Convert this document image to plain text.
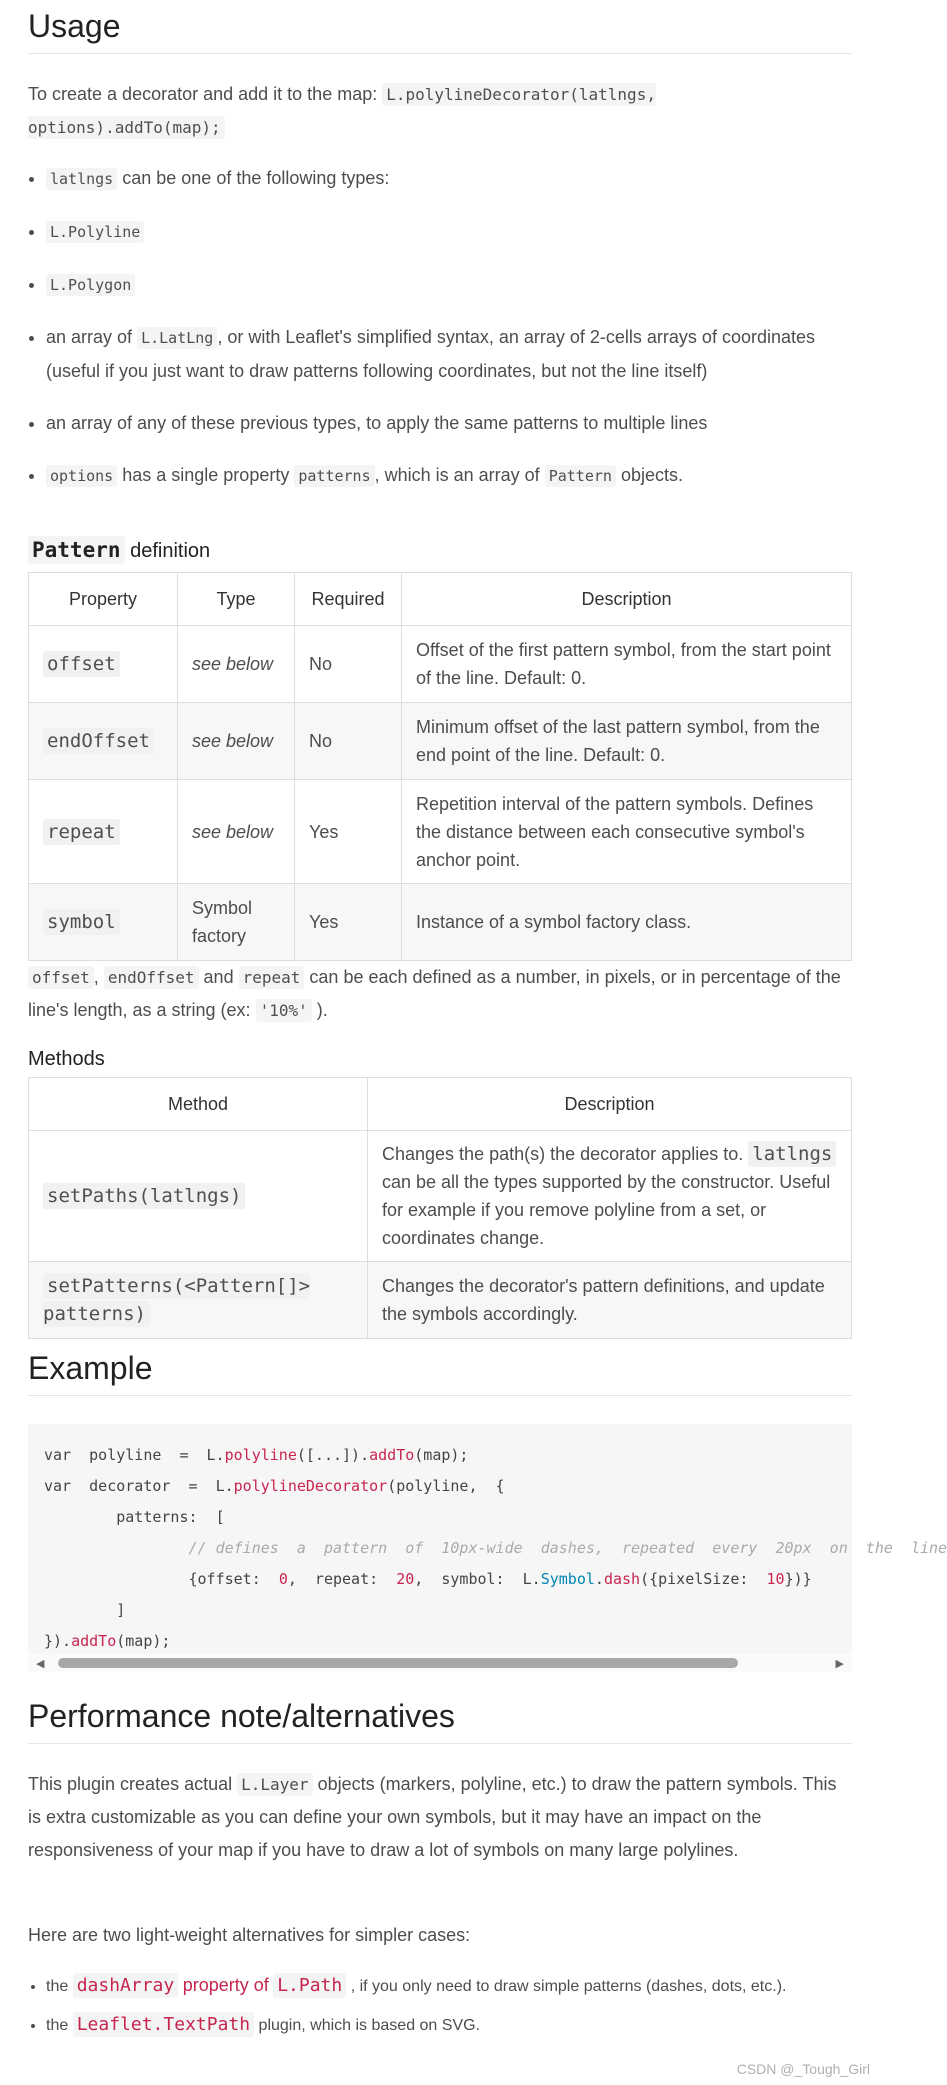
Usage

To create a decorator and add it to the map: L.polylineDecorator(latlngs, options).addTo(map);

• latlngs can be one of the following types:
• L.Polyline
• L.Polygon
• an array of L.LatLng , or with Leaflet's simplified syntax, an array of 2-cells arrays of coordinates (useful if you just want to draw patterns following coordinates, but not the line itself)
• an array of any of these previous types, to apply the same patterns to multiple lines
• options has a single property patterns , which is an array of Pattern objects.
Pattern definition
Property	Type	Required	Description
offset	see below	No	Offset of the first pattern symbol, from the start point of the line. Default: 0.
endOffset	see below	No	Minimum offset of the last pattern symbol, from the end point of the line. Default: 0.
repeat	see below	Yes	Repetition interval of the pattern symbols. Defines the distance between each consecutive symbol's anchor point.
symbol	Symbol factory	Yes	Instance of a symbol factory class.

offset , endOffset and repeat can be each defined as a number, in pixels, or in percentage of the line's length, as a string (ex: '10%' ).

Methods
Method	Description
setPaths(latlngs)	Changes the path(s) the decorator applies to. latlngs can be all the types supported by the constructor. Useful for example if you remove polyline from a set, or coordinates change.
setPatterns(<Pattern[]> patterns)	Changes the decorator's pattern definitions, and update the symbols accordingly.
Example
var  polyline  =  L.polyline([...]).addTo(map);
var  decorator  =  L.polylineDecorator(polyline,  {
patterns:  [
// defines  a  pattern  of  10px-wide  dashes,  repeated  every  20px  on  the  line
{offset:  0,  repeat:  20,  symbol:  L.Symbol.dash({pixelSize:  10})}
]
}).addTo(map);
◀	▶
Performance note/alternatives

This plugin creates actual L.Layer objects (markers, polyline, etc.) to draw the pattern symbols. This is extra customizable as you can define your own symbols, but it may have an impact on the responsiveness of your map if you have to draw a lot of symbols on many large polylines.

Here are two light-weight alternatives for simpler cases:

• the dashArray property of L.Path , if you only need to draw simple patterns (dashes, dots, etc.).
• the Leaflet.TextPath plugin, which is based on SVG.
CSDN @_Tough_Girl
